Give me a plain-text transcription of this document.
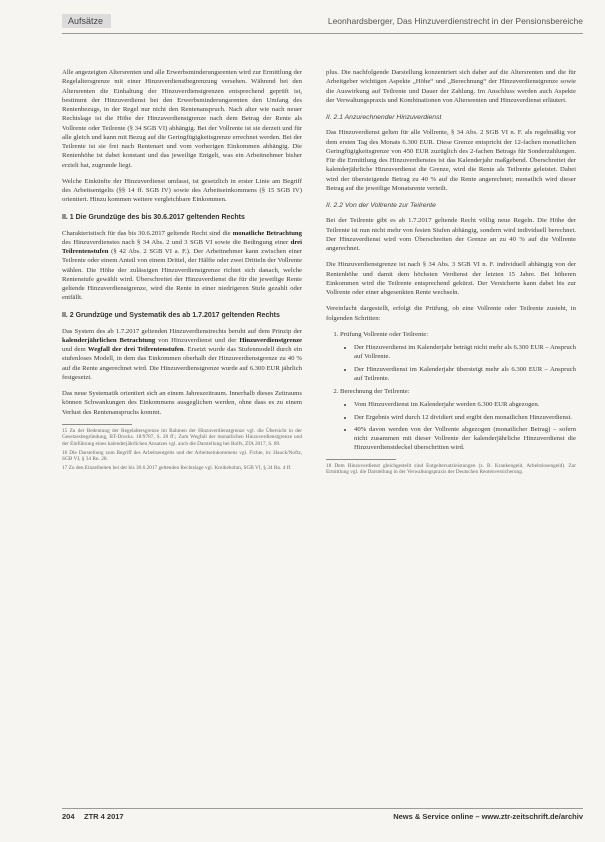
Aufsätze	Leonhardsberger, Das Hinzuverdienstrecht in der Pensionsbereiche

Alle angezeigten Altersrenten und alle Erwerbsminderungsrenten wird zur Ermittlung der Regelaltersgrenze mit einer Hinzuverdienstbegrenzung versehen. Während bei den Altersrenten die Einhaltung der Hinzuverdienstgrenzen entsprechend geprüft ist, bestimmt der Hinzuverdienst bei den Erwerbsminderungsrenten den Umfang des Rentenbezugs, in der Regel nur nicht den Rentenanspruch. Nach alter wie nach neuer Rechtslage ist die Höhe der Hinzuverdienstgrenze nach dem Betrag der Rente als Vollrente oder Teilrente (§ 34 SGB VI) abhängig. Bei der Vollrente ist sie derzeit und für alle gleich und kann mit Bezug auf die Geringfügigkeitsgrenze errechnet werden. Bei der Teilrente ist sie frei nach Rentenart und vom vorherigen Einkommen abhängig. Die Rentenhöhe ist dabei konstant und das jeweilige Entgelt, was ein Arbeitnehmer bisher erzielt hat, zugrunde liegt.

Welche Einkünfte der Hinzuverdienst umfasst, ist gesetzlich in erster Linie am Begriff des Arbeitsentgelts (§§ 14 ff. SGB IV) sowie des Arbeitseinkommens (§ 15 SGB IV) orientiert. Hinzu kommen weitere vergleichbare Einkommen.

II. 1 Die Grundzüge des bis 30.6.2017 geltenden Rechts

Charakteristisch für das bis 30.6.2017 geltende Recht sind die monatliche Betrachtung des Hinzuverdienstes nach § 34 Abs. 2 und 3 SGB VI sowie die Bedingung einer drei Teilrentenstufen (§ 42 Abs. 2 SGB VI a. F.). Der Arbeitnehmer kann zwischen einer Teilrente oder einem Anteil von einem Drittel, der Hälfte oder zwei Dritteln der Vollrente wählen. Die Höhe der zulässigen Hinzuverdienstgrenze richtet sich danach, welche Rentenstufe gewählt wird. Überschreitet der Hinzuverdienst die für die jeweilige Rente geltende Hinzuverdienstgrenze, wird die Rente in einer niedrigeren Stufe gezahlt oder entfällt.

II. 2 Grundzüge und Systematik des ab 1.7.2017 geltenden Rechts

Das System des ab 1.7.2017 geltenden Hinzuverdienstrechts beruht auf dem Prinzip der kalenderjährlichen Betrachtung von Hinzuverdienst und der Hinzuverdienstgrenze und dem Wegfall der drei Teilrentenstufen. Ersetzt wurde das Stufenmodell durch ein stufenloses Modell, in dem das Einkommen oberhalb der Hinzuverdienstgrenze zu 40 % auf die Rente angerechnet wird. Die Hinzuverdienstgrenze wurde auf 6.300 EUR jährlich festgesetzt.

Das neue Systematik orientiert sich an einem Jahreszeitraum. Innerhalb dieses Zeitraums können Schwankungen des Einkommens ausgeglichen werden, ohne dass es zu einem Verlust des Rentenanspruchs kommt.

15 Zu der Bedeutung der Regelaltersgrenze im Rahmen der Hinzuverdienstgrenze vgl. die Übersicht in der Gesetzesbegründung, BT-Drucks. 18/9787, S. 28 ff.; Zum Wegfall der monatlichen Hinzuverdienstgrenze und der Einführung eines kalenderjährlichen Ansatzes vgl. auch die Darstellung bei Rolfs, ZfA 2017, S. 89.
16 Die Darstellung zum Begriff des Arbeitsentgelts und der Arbeitseinkommens vgl. Fichte, in: Hauck/Noftz, SGB VI, § 34 Rn. 28.
17 Zu den Einzelheiten bei der bis 30.6.2017 geltenden Rechtslage vgl. Kreikebohm, SGB VI, § 34 Rn. 4 ff.

plus. Die nachfolgende Darstellung konzentriert sich daher auf die Altersrenten und die für Arbeitgeber wichtigen Aspekte „Höhe“ und „Berechnung“ der Hinzuverdienstgrenze sowie die Auswirkung auf Teilrente und Dauer der Zahlung. Im Anschluss werden auch Aspekte der Verwaltungspraxis und Kombinationen von Altersrenten und Hinzuverdienst erläutert.

II. 2.1 Anzurechnender Hinzuverdienst

Das Hinzuverdienst gelten für alle Vollrente, § 34 Abs. 2 SGB VI n. F. als regelmäßig vor dem ersten Tag des Monats 6.300 EUR. Diese Grenze entspricht der 12-fachen monatlichen Geringfügigkeitsgrenze von 450 EUR zuzüglich des 2-fachen Betrags für Sonderzahlungen. Für die Ermittlung des Hinzuverdienstes ist das Kalenderjahr maßgebend. Überschreitet der kalenderjährliche Hinzuverdienst die Grenze, wird die Rente als Teilrente geleistet. Dabei wird der übersteigende Betrag zu 40 % auf die Rente angerechnet; monatlich wird dieser Betrag auf die jeweilige Monatsrente verteilt.

II. 2.2 Von der Vollrente zur Teilrente

Bei der Teilrente gibt es ab 1.7.2017 geltende Recht völlig neue Regeln. Die Höhe der Teilrente ist nun nicht mehr von festen Stufen abhängig, sondern wird individuell berechnet. Der Hinzuverdienst wird vom Überschreiten der Grenze an zu 40 % auf die Vollrente angerechnet.

Die Hinzuverdienstgrenze ist nach § 34 Abs. 3 SGB VI n. F. individuell abhängig von der Rentenhöhe und damit dem höchsten Verdienst der letzten 15 Jahre. Bei höheren Einkommen wird die Teilrente entsprechend gekürzt. Der Versicherte kann dabei bis zur Vollrente oder einer abgesenkten Rente wechseln.

Vereinfacht dargestellt, erfolgt die Prüfung, ob eine Vollrente oder Teilrente zusteht, in folgenden Schritten:

1. Prüfung Vollrente oder Teilrente:
• Der Hinzuverdienst im Kalenderjahr beträgt nicht mehr als 6.300 EUR – Anspruch auf Vollrente.
• Der Hinzuverdienst im Kalenderjahr übersteigt mehr als 6.300 EUR – Anspruch auf Teilrente.
2. Berechnung der Teilrente:
• Vom Hinzuverdienst im Kalenderjahr werden 6.300 EUR abgezogen.
• Der Ergebnis wird durch 12 dividiert und ergibt den monatlichen Hinzuverdienst.
• 40% davon werden von der Vollrente abgezogen (monatlicher Betrag) – sofern nicht zusammen mit dieser Vollrente der kalenderjährliche Hinzuverdienst die Hinzuverdienstdeckel überschritten wird.
18 Dem Hinzuverdienst gleichgestellt sind Entgeltersatzleistungen (z. B. Krankengeld, Arbeitslosengeld). Zur Ermittlung vgl. die Darstellung in der Verwaltungspraxis der Deutschen Rentenversicherung.
204 ZTR 4 2017	News & Service online – www.ztr-zeitschrift.de/archiv
